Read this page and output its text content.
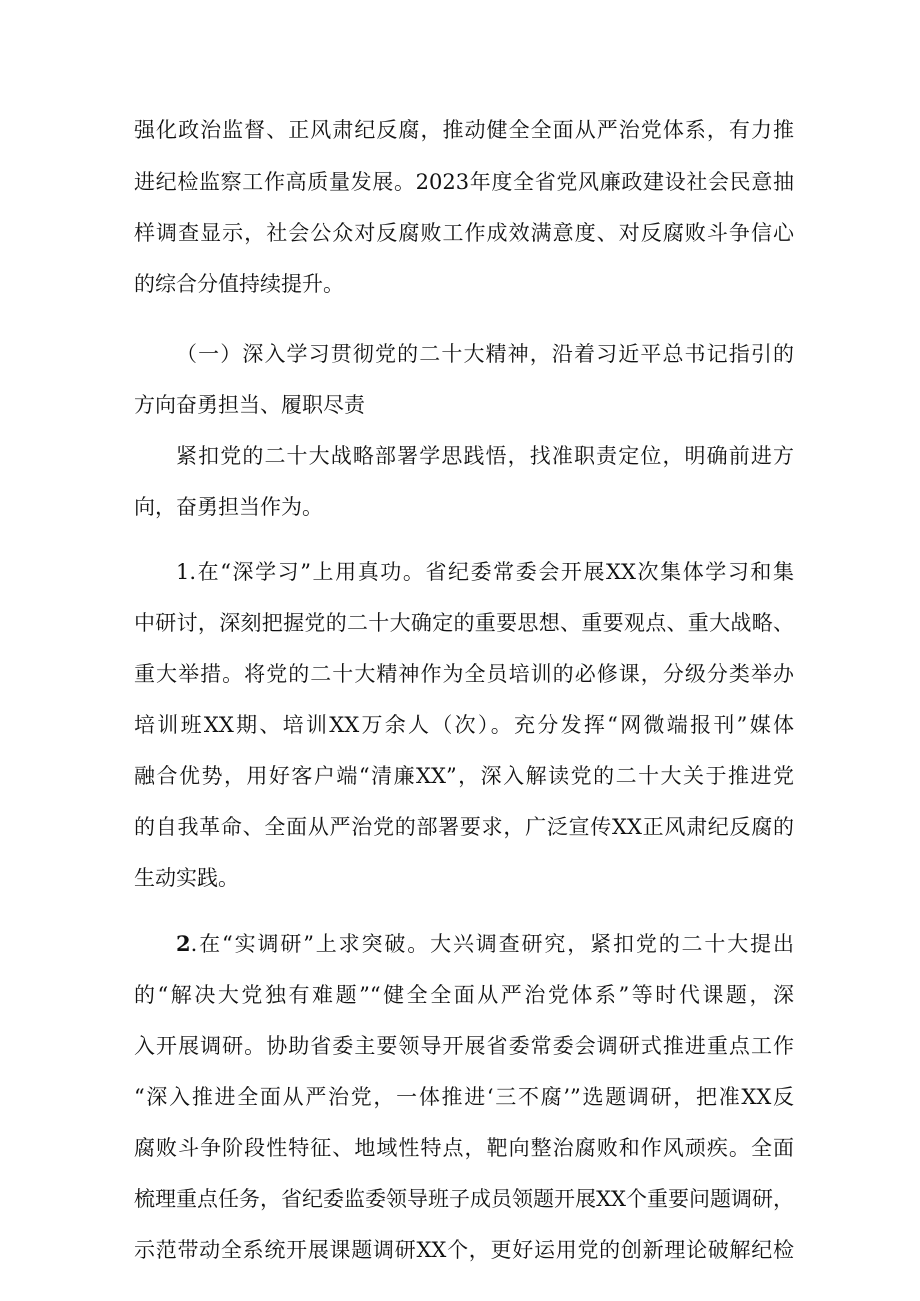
强化政治监督、正风肃纪反腐，推动健全全面从严治党体系，有力推

进纪检监察工作高质量发展。2023年度全省党风廉政建设社会民意抽

样调查显示，社会公众对反腐败工作成效满意度、对反腐败斗争信心

的综合分值持续提升。

（一）深入学习贯彻党的二十大精神，沿着习近平总书记指引的

方向奋勇担当、履职尽责

紧扣党的二十大战略部署学思践悟，找准职责定位，明确前进方

向，奋勇担当作为。

1.在“深学习”上用真功。省纪委常委会开展XX次集体学习和集

中研讨，深刻把握党的二十大确定的重要思想、重要观点、重大战略、

重大举措。将党的二十大精神作为全员培训的必修课，分级分类举办

培训班XX期、培训XX万余人（次）。充分发挥“网微端报刊”媒体

融合优势，用好客户端“清廉XX”，深入解读党的二十大关于推进党

的自我革命、全面从严治党的部署要求，广泛宣传XX正风肃纪反腐的

生动实践。

2.在“实调研”上求突破。大兴调查研究，紧扣党的二十大提出

的“解决大党独有难题”“健全全面从严治党体系”等时代课题，深

入开展调研。协助省委主要领导开展省委常委会调研式推进重点工作

“深入推进全面从严治党，一体推进‘三不腐’”选题调研，把准XX反

腐败斗争阶段性特征、地域性特点，靶向整治腐败和作风顽疾。全面

梳理重点任务，省纪委监委领导班子成员领题开展XX个重要问题调研，

示范带动全系统开展课题调研XX个，更好运用党的创新理论破解纪检
